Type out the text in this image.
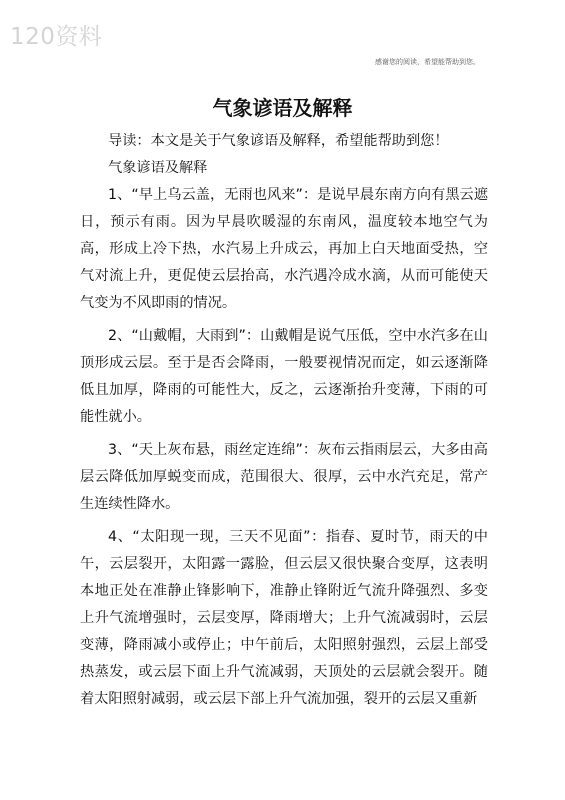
120资料
感谢您的阅读，希望能帮助到您。
气象谚语及解释

导读：本文是关于气象谚语及解释，希望能帮助到您！

气象谚语及解释

1、“早上乌云盖，无雨也风来”：是说早晨东南方向有黑云遮日，预示有雨。因为早晨吹暖湿的东南风，温度较本地空气为高，形成上冷下热，水汽易上升成云，再加上白天地面受热，空气对流上升，更促使云层抬高，水汽遇冷成水滴，从而可能使天气变为不风即雨的情况。

2、“山戴帽，大雨到”：山戴帽是说气压低，空中水汽多在山顶形成云层。至于是否会降雨，一般要视情况而定，如云逐渐降低且加厚，降雨的可能性大，反之，云逐渐抬升变薄，下雨的可能性就小。

3、“天上灰布悬，雨丝定连绵”：灰布云指雨层云，大多由高层云降低加厚蜕变而成，范围很大、很厚，云中水汽充足，常产生连续性降水。

4、“太阳现一现，三天不见面”：指春、夏时节，雨天的中午，云层裂开，太阳露一露脸，但云层又很快聚合变厚，这表明本地正处在准静止锋影响下，准静止锋附近气流升降强烈、多变上升气流增强时，云层变厚，降雨增大；上升气流减弱时，云层变薄，降雨减小或停止；中午前后，太阳照射强烈，云层上部受热蒸发，或云层下面上升气流减弱，天顶处的云层就会裂开。随着太阳照射减弱，或云层下部上升气流加强，裂开的云层又重新
